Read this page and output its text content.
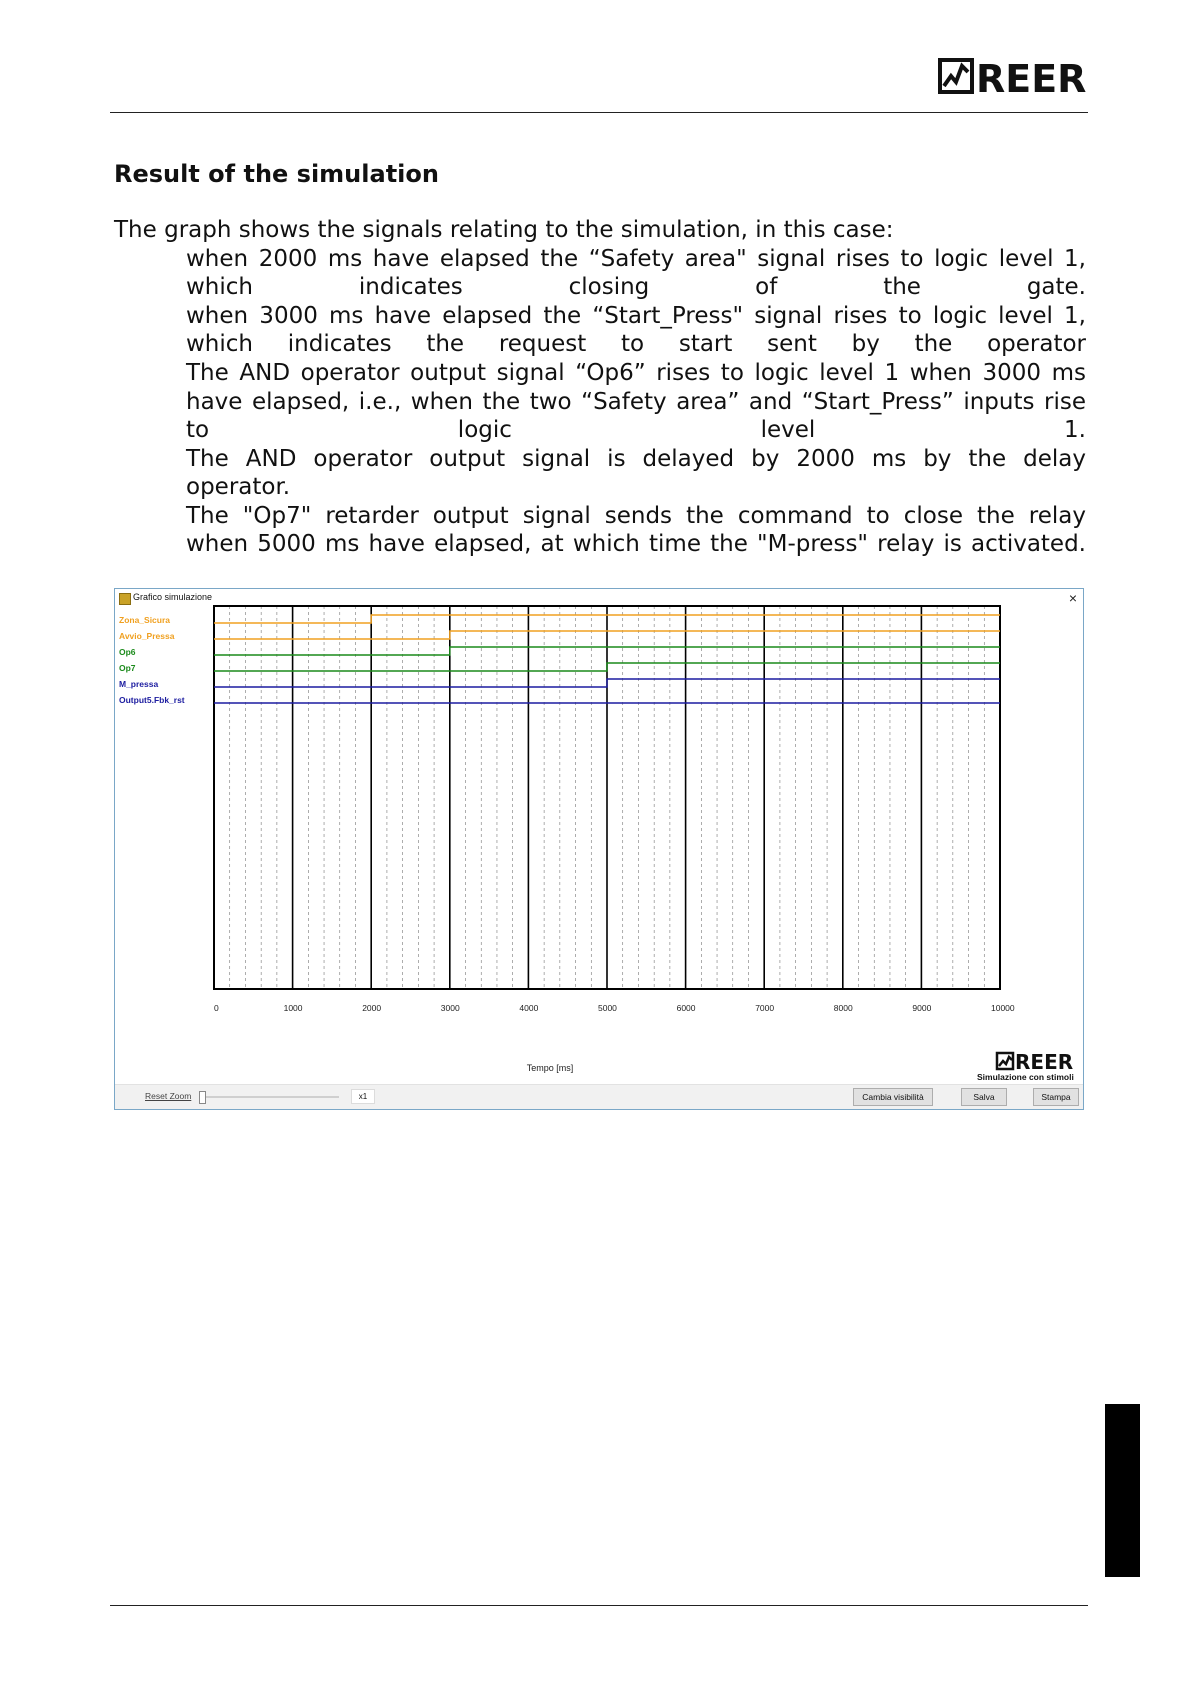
REER
Result of the simulation
The graph shows the signals relating to the simulation, in this case:
when 2000 ms have elapsed the “Safety area" signal rises to logic level 1,
which indicates closing of the gate.
when 3000 ms have elapsed the “Start_Press" signal rises to logic level 1,
which indicates the request to start sent by the operator
The AND operator output signal “Op6” rises to logic level 1 when 3000 ms have elapsed, i.e., when the two “Safety area” and “Start_Press” inputs rise
to logic level 1.
The AND operator output signal is delayed by 2000 ms by the delay
operator.
The "Op7" retarder output signal sends the command to close the relay
when 5000 ms have elapsed, at which time the "M-press" relay is activated.
Grafico simulazione	×
0	1000	2000	3000	4000	5000	6000	7000	8000	9000	10000
Zona_Sicura
Avvio_Pressa
Op6
Op7
M_pressa
Output5.Fbk_rst
Tempo [ms]	REER
Simulazione con stimoli
Reset Zoom	x1	Cambia visibilità	Salva	Stampa
